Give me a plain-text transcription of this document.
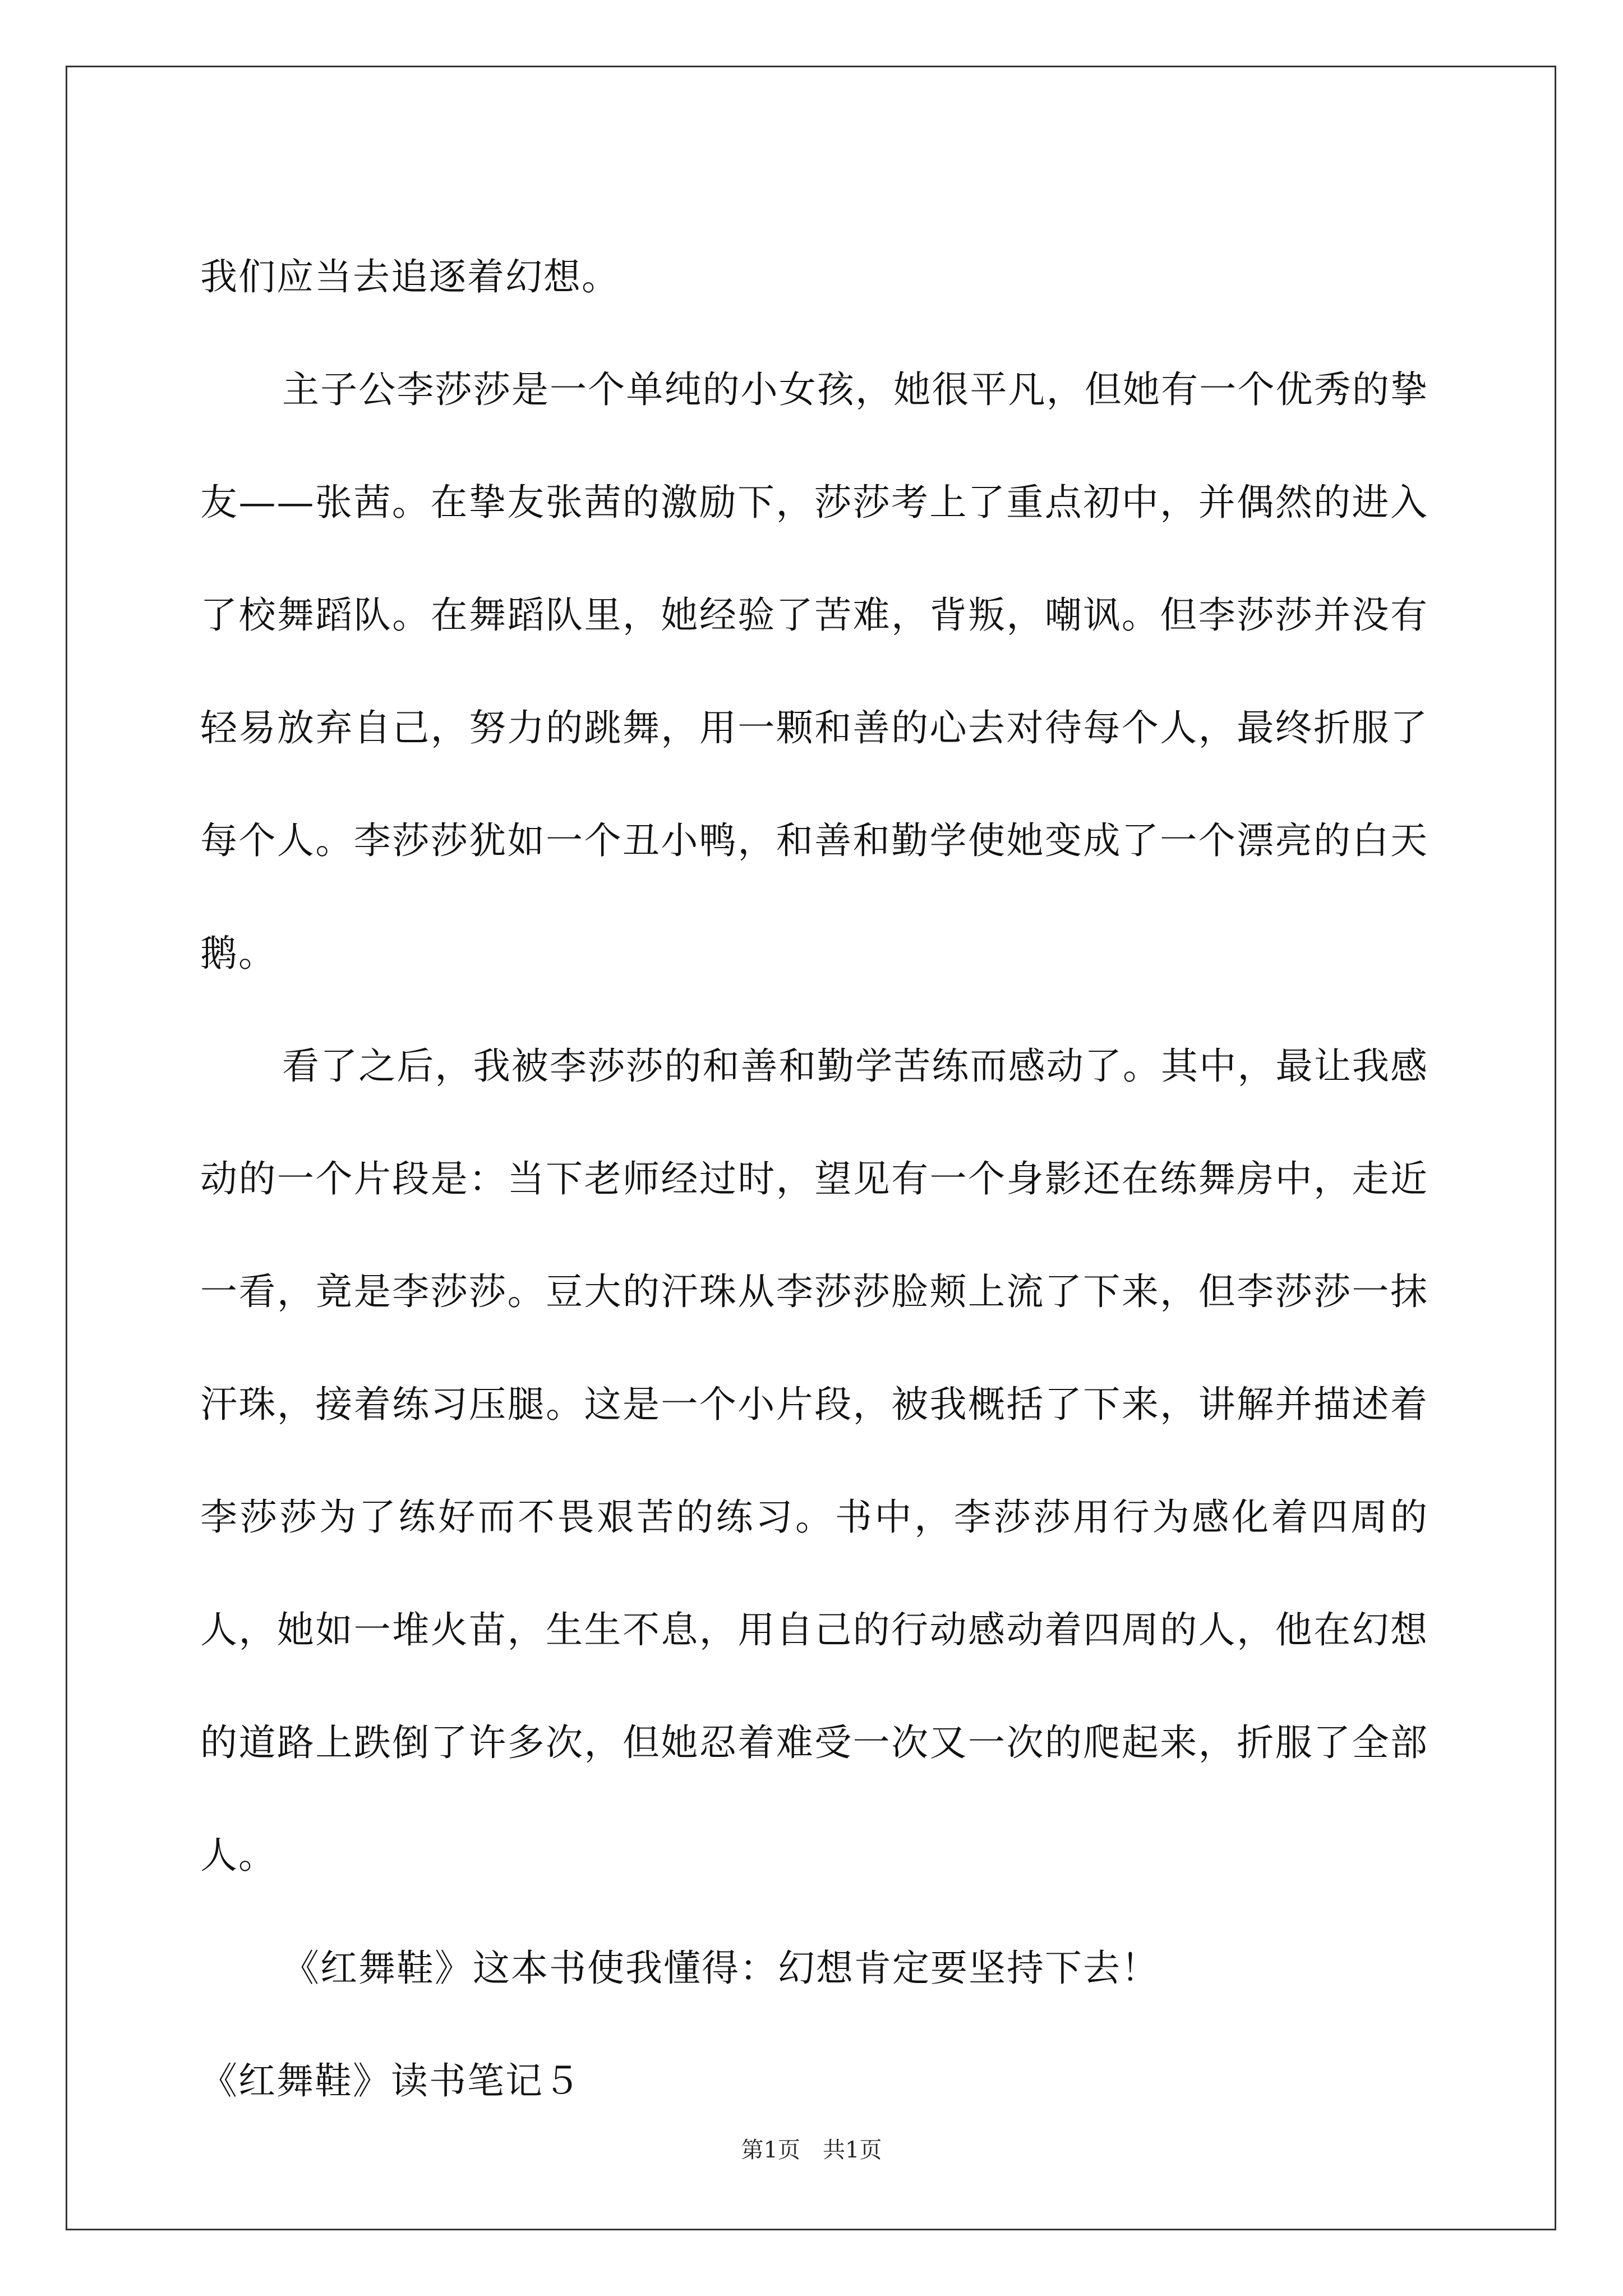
我们应当去追逐着幻想。

主子公李莎莎是一个单纯的小女孩，她很平凡，但她有一个优秀的挚友——张茜。在挚友张茜的激励下，莎莎考上了重点初中，并偶然的进入了校舞蹈队。在舞蹈队里，她经验了苦难，背叛，嘲讽。但李莎莎并没有轻易放弃自己，努力的跳舞，用一颗和善的心去对待每个人，最终折服了每个人。李莎莎犹如一个丑小鸭，和善和勤学使她变成了一个漂亮的白天鹅。

看了之后，我被李莎莎的和善和勤学苦练而感动了。其中，最让我感动的一个片段是：当下老师经过时，望见有一个身影还在练舞房中，走近一看，竟是李莎莎。豆大的汗珠从李莎莎脸颊上流了下来，但李莎莎一抹汗珠，接着练习压腿。这是一个小片段，被我概括了下来，讲解并描述着李莎莎为了练好而不畏艰苦的练习。书中，李莎莎用行为感化着四周的人，她如一堆火苗，生生不息，用自己的行动感动着四周的人，他在幻想的道路上跌倒了许多次，但她忍着难受一次又一次的爬起来，折服了全部人。

《红舞鞋》这本书使我懂得：幻想肯定要坚持下去！

《红舞鞋》读书笔记５

第1页　共1页
